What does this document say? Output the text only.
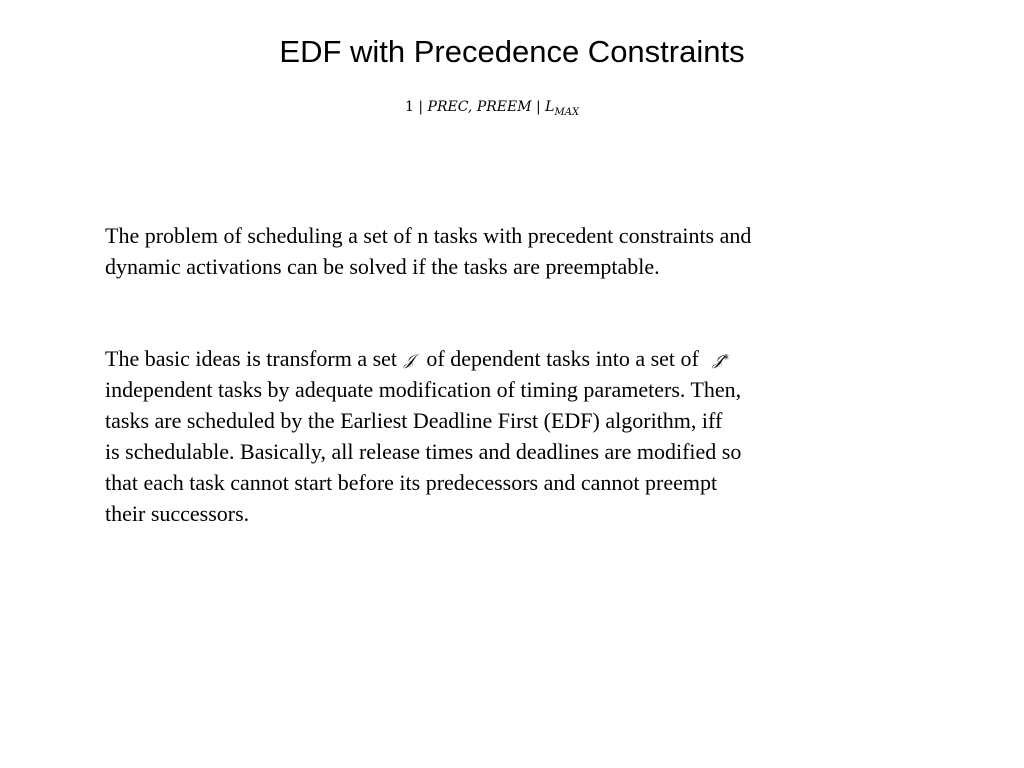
EDF with Precedence Constraints
1 | PREC, PREEM | $L_{MAX}$
The problem of scheduling a set of n tasks with precedent constraints and
dynamic activations can be solved if the tasks are preemptable.
The basic ideas is transform a set 𝒥 of dependent tasks into a set of 𝒥*
independent tasks by adequate modification of timing parameters. Then,
tasks are scheduled by the Earliest Deadline First (EDF) algorithm, iff
is schedulable. Basically, all release times and deadlines are modified so
that each task cannot start before its predecessors and cannot preempt
their successors.
